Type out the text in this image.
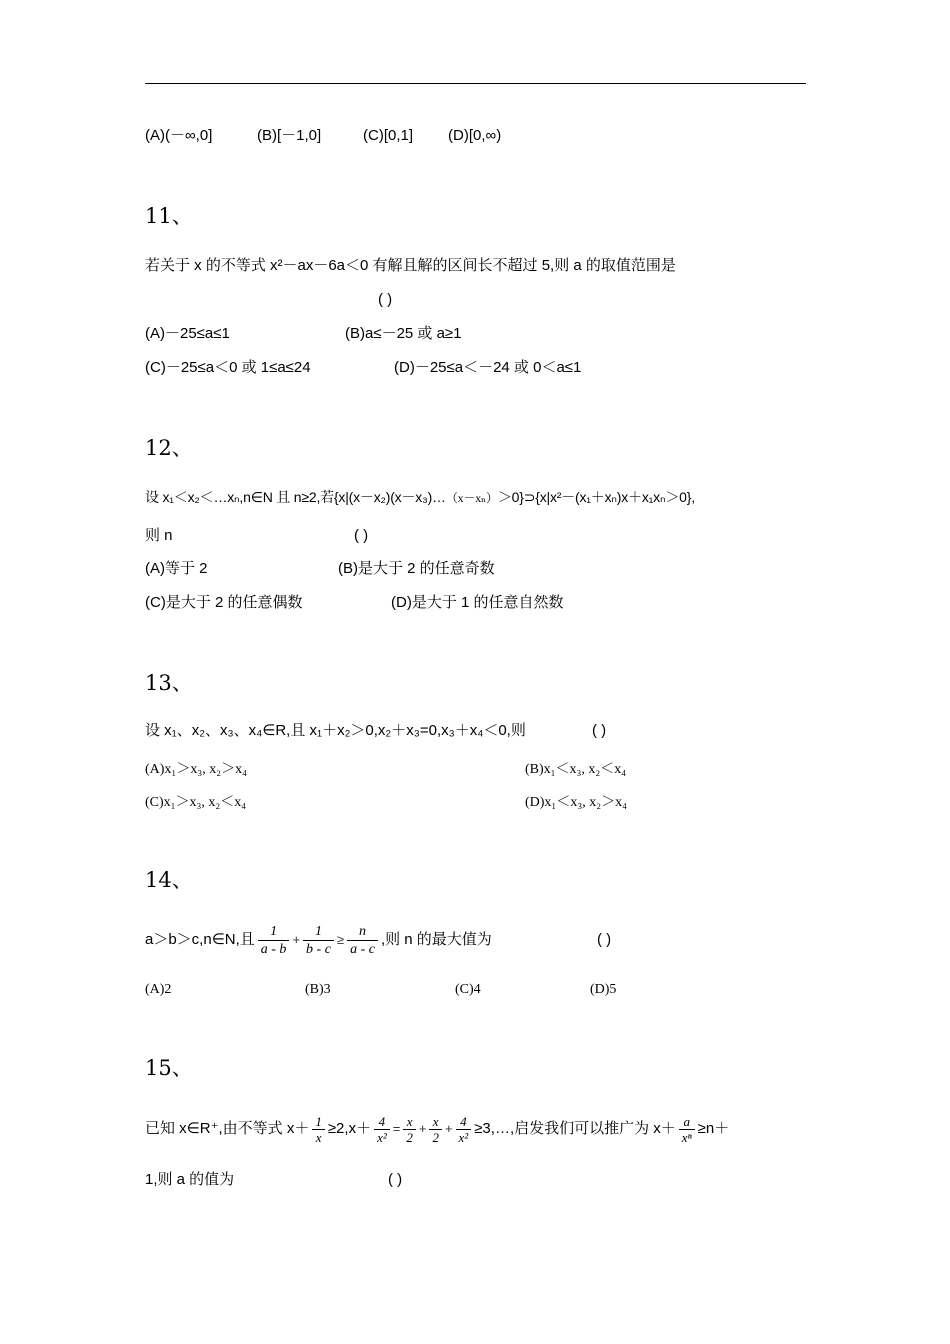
(A)(－∞,0]	(B)[－1,0]	(C)[0,1] (D)[0,∞)
11、
若关于 x 的不等式 x²－ax－6a＜0 有解且解的区间长不超过 5,则 a 的取值范围是
( )
(A)－25≤a≤1	(B)a≤－25 或 a≥1
(C)－25≤a＜0 或 1≤a≤24	(D)－25≤a＜－24 或 0＜a≤1
12、
设 x₁＜x₂＜…xₙ,n∈N 且 n≥2,若{x|(x－x₂)(x－x₃)…（x－xₙ）＞0}⊃{x|x²－(x₁＋xₙ)x＋x₁xₙ＞0},
则 n	( )
(A)等于 2	(B)是大于 2 的任意奇数
(C)是大于 2 的任意偶数	(D)是大于 1 的任意自然数
13、
设 x₁、x₂、x₃、x₄∈R,且 x₁＋x₂＞0,x₂＋x₃=0,x₃＋x₄＜0,则	( )
(A)x₁＞x₃, x₂＞x₄	(B)x₁＜x₃, x₂＜x₄
(C)x₁＞x₃, x₂＜x₄	(D)x₁＜x₃, x₂＞x₄
14、
a＞b＞c,n∈N,且 $\frac{1}{a - b} + \frac{1}{b - c} \ge \frac{n}{a - c}$ ,则 n 的最大值为	( )
(A)2	(B)3	(C)4	(D)5
15、
已知 x∈R⁺,由不等式 $x+ \frac{1}{x} \ge 2,x+ \frac{4}{\text{x²}} = \frac{x}{2} + \frac{x}{2} + \frac{4}{\text{x²}}$ ≥3,…,启发我们可以推广为 $x+ \frac{a}{\text{xⁿ}} \ge n+$
1,则 a 的值为	( )
